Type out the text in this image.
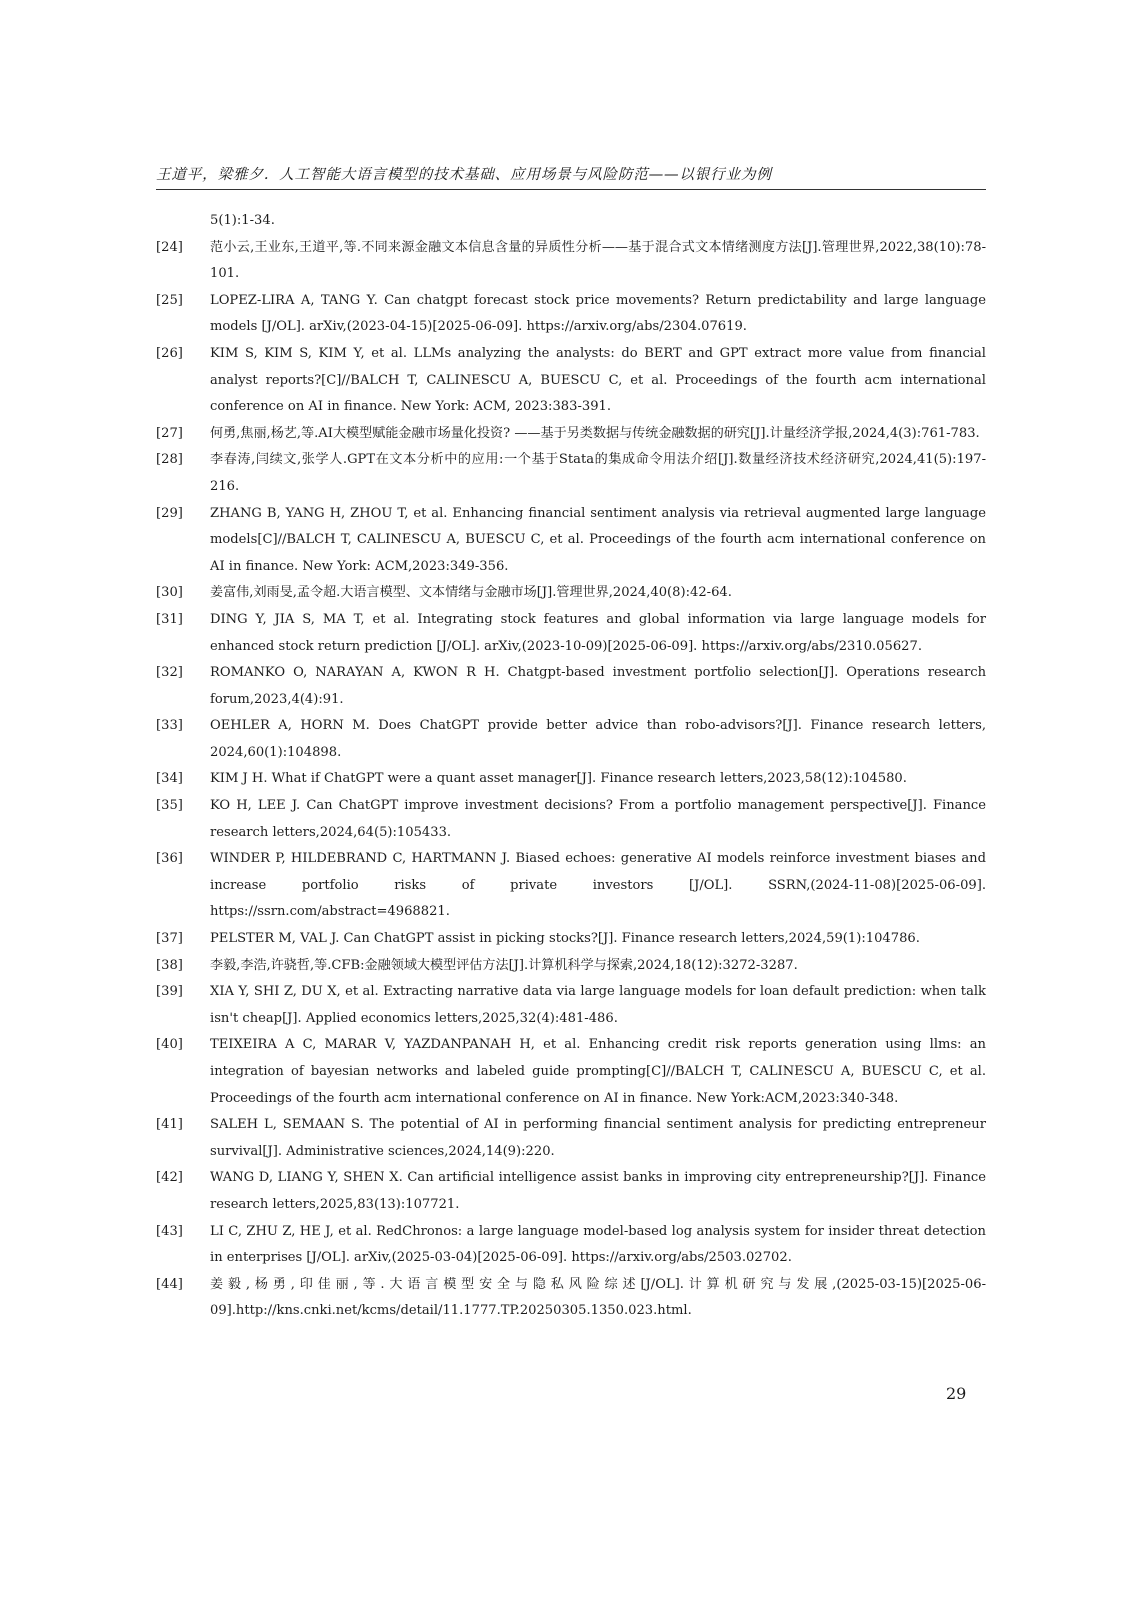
王道平，梁雅夕．人工智能大语言模型的技术基础、应用场景与风险防范——以银行业为例
5(1):1-34.
[24]	范小云,王业东,王道平,等.不同来源金融文本信息含量的异质性分析——基于混合式文本情绪测度方法[J].管理世界,2022,38(10):78-101.
[25]	LOPEZ-LIRA A, TANG Y. Can chatgpt forecast stock price movements? Return predictability and large language models [J/OL]. arXiv,(2023-04-15)[2025-06-09]. https://arxiv.org/abs/2304.07619.
[26]	KIM S, KIM S, KIM Y, et al. LLMs analyzing the analysts: do BERT and GPT extract more value from financial analyst reports?[C]//BALCH T, CALINESCU A, BUESCU C, et al. Proceedings of the fourth acm international conference on AI in finance. New York: ACM, 2023:383-391.
[27]	何勇,焦丽,杨艺,等.AI大模型赋能金融市场量化投资? ——基于另类数据与传统金融数据的研究[J].计量经济学报,2024,4(3):761-783.
[28]	李春涛,闫续文,张学人.GPT在文本分析中的应用:一个基于Stata的集成命令用法介绍[J].数量经济技术经济研究,2024,41(5):197-216.
[29]	ZHANG B, YANG H, ZHOU T, et al. Enhancing financial sentiment analysis via retrieval augmented large language models[C]//BALCH T, CALINESCU A, BUESCU C, et al. Proceedings of the fourth acm international conference on AI in finance. New York: ACM,2023:349-356.
[30]	姜富伟,刘雨旻,孟令超.大语言模型、文本情绪与金融市场[J].管理世界,2024,40(8):42-64.
[31]	DING Y, JIA S, MA T, et al. Integrating stock features and global information via large language models for enhanced stock return prediction [J/OL]. arXiv,(2023-10-09)[2025-06-09]. https://arxiv.org/abs/2310.05627.
[32]	ROMANKO O, NARAYAN A, KWON R H. Chatgpt-based investment portfolio selection[J]. Operations research forum,2023,4(4):91.
[33]	OEHLER A, HORN M. Does ChatGPT provide better advice than robo-advisors?[J]. Finance research letters, 2024,60(1):104898.
[34]	KIM J H. What if ChatGPT were a quant asset manager[J]. Finance research letters,2023,58(12):104580.
[35]	KO H, LEE J. Can ChatGPT improve investment decisions? From a portfolio management perspective[J]. Finance research letters,2024,64(5):105433.
[36]	WINDER P, HILDEBRAND C, HARTMANN J. Biased echoes: generative AI models reinforce investment biases and increase portfolio risks of private investors [J/OL]. SSRN,(2024-11-08)[2025-06-09]. https://ssrn.com/abstract=4968821.
[37]	PELSTER M, VAL J. Can ChatGPT assist in picking stocks?[J]. Finance research letters,2024,59(1):104786.
[38]	李毅,李浩,许骁哲,等.CFB:金融领域大模型评估方法[J].计算机科学与探索,2024,18(12):3272-3287.
[39]	XIA Y, SHI Z, DU X, et al. Extracting narrative data via large language models for loan default prediction: when talk isn't cheap[J]. Applied economics letters,2025,32(4):481-486.
[40]	TEIXEIRA A C, MARAR V, YAZDANPANAH H, et al. Enhancing credit risk reports generation using llms: an integration of bayesian networks and labeled guide prompting[C]//BALCH T, CALINESCU A, BUESCU C, et al. Proceedings of the fourth acm international conference on AI in finance. New York:ACM,2023:340-348.
[41]	SALEH L, SEMAAN S. The potential of AI in performing financial sentiment analysis for predicting entrepreneur survival[J]. Administrative sciences,2024,14(9):220.
[42]	WANG D, LIANG Y, SHEN X. Can artificial intelligence assist banks in improving city entrepreneurship?[J]. Finance research letters,2025,83(13):107721.
[43]	LI C, ZHU Z, HE J, et al. RedChronos: a large language model-based log analysis system for insider threat detection in enterprises [J/OL]. arXiv,(2025-03-04)[2025-06-09]. https://arxiv.org/abs/2503.02702.
[44]	姜毅,杨勇,印佳丽,等.大语言模型安全与隐私风险综述[J/OL].计算机研究与发展,(2025-03-15)[2025-06-09].http://kns.cnki.net/kcms/detail/11.1777.TP.20250305.1350.023.html.
29
